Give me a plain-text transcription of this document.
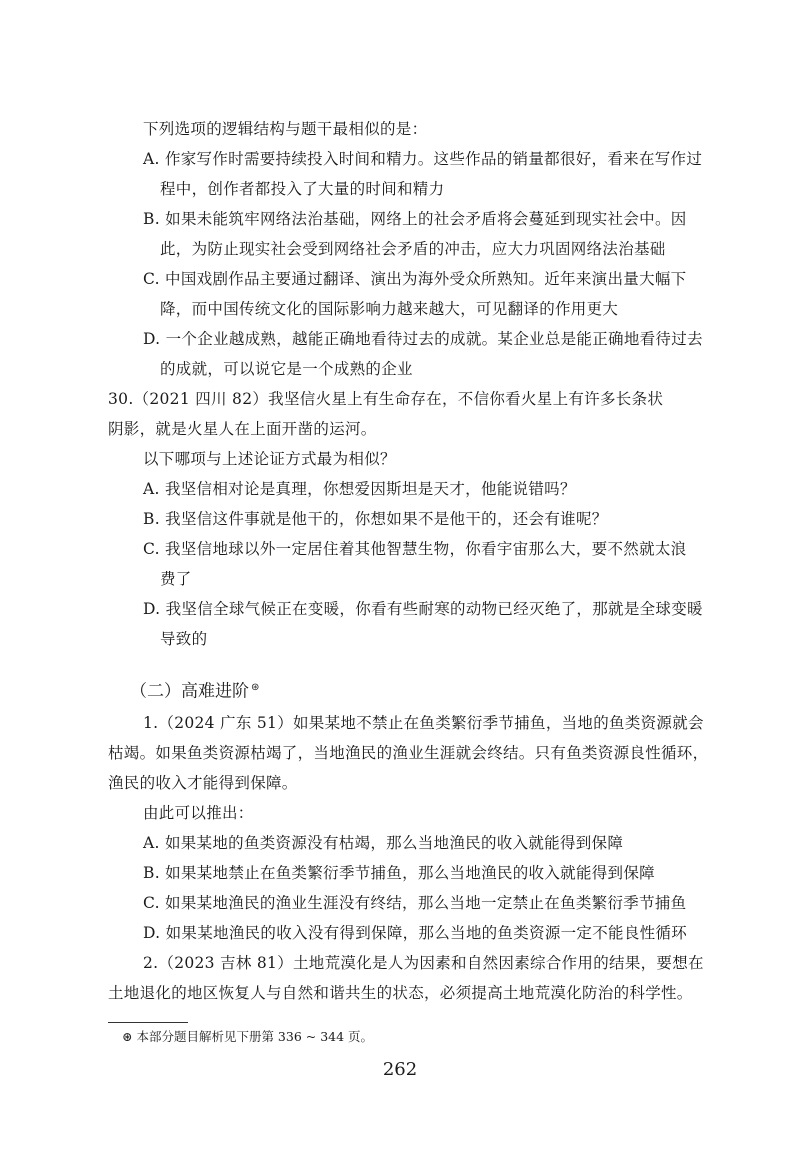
下列选项的逻辑结构与题干最相似的是：
A. 作家写作时需要持续投入时间和精力。这些作品的销量都很好，看来在写作过
程中，创作者都投入了大量的时间和精力
B. 如果未能筑牢网络法治基础，网络上的社会矛盾将会蔓延到现实社会中。因
此，为防止现实社会受到网络社会矛盾的冲击，应大力巩固网络法治基础
C. 中国戏剧作品主要通过翻译、演出为海外受众所熟知。近年来演出量大幅下
降，而中国传统文化的国际影响力越来越大，可见翻译的作用更大
D. 一个企业越成熟，越能正确地看待过去的成就。某企业总是能正确地看待过去
的成就，可以说它是一个成熟的企业
30.（2021 四川 82）我坚信火星上有生命存在，不信你看火星上有许多长条状
阴影，就是火星人在上面开凿的运河。
以下哪项与上述论证方式最为相似？
A. 我坚信相对论是真理，你想爱因斯坦是天才，他能说错吗？
B. 我坚信这件事就是他干的，你想如果不是他干的，还会有谁呢？
C. 我坚信地球以外一定居住着其他智慧生物，你看宇宙那么大，要不然就太浪
费了
D. 我坚信全球气候正在变暖，你看有些耐寒的动物已经灭绝了，那就是全球变暖
导致的
（二）高难进阶 ⊛
1.（2024 广东 51）如果某地不禁止在鱼类繁衍季节捕鱼，当地的鱼类资源就会
枯竭。如果鱼类资源枯竭了，当地渔民的渔业生涯就会终结。只有鱼类资源良性循环，
渔民的收入才能得到保障。
由此可以推出：
A. 如果某地的鱼类资源没有枯竭，那么当地渔民的收入就能得到保障
B. 如果某地禁止在鱼类繁衍季节捕鱼，那么当地渔民的收入就能得到保障
C. 如果某地渔民的渔业生涯没有终结，那么当地一定禁止在鱼类繁衍季节捕鱼
D. 如果某地渔民的收入没有得到保障，那么当地的鱼类资源一定不能良性循环
2.（2023 吉林 81）土地荒漠化是人为因素和自然因素综合作用的结果，要想在
土地退化的地区恢复人与自然和谐共生的状态，必须提高土地荒漠化防治的科学性。
⊛ 本部分题目解析见下册第 336 ~ 344 页。
262
